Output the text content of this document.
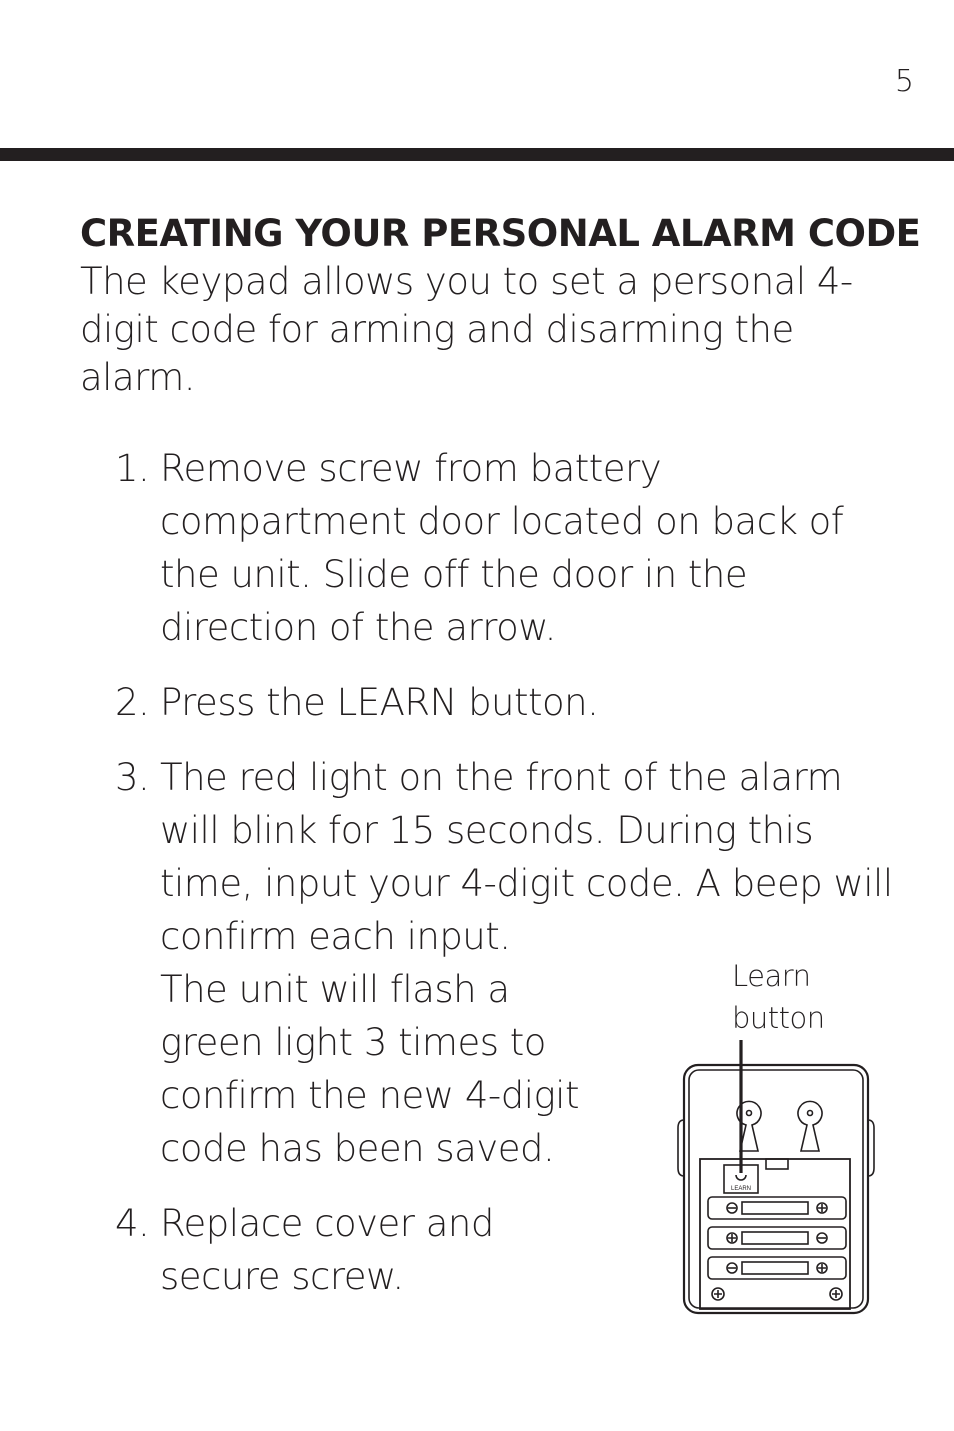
5
CREATING YOUR PERSONAL ALARM CODE

The keypad allows you to set a personal 4-digit code for arming and disarming the alarm.

1. Remove screw from battery compartment door located on back of the unit. Slide off the door in the direction of the arrow.

2. Press the LEARN button.

3. The red light on the front of the alarm will blink for 15 seconds. During this time, input your 4-digit code. A beep will confirm each input.

The unit will flash a green light 3 times to confirm the new 4-digit code has been saved.

4. Replace cover and secure screw.

Learn
button
LEARN
